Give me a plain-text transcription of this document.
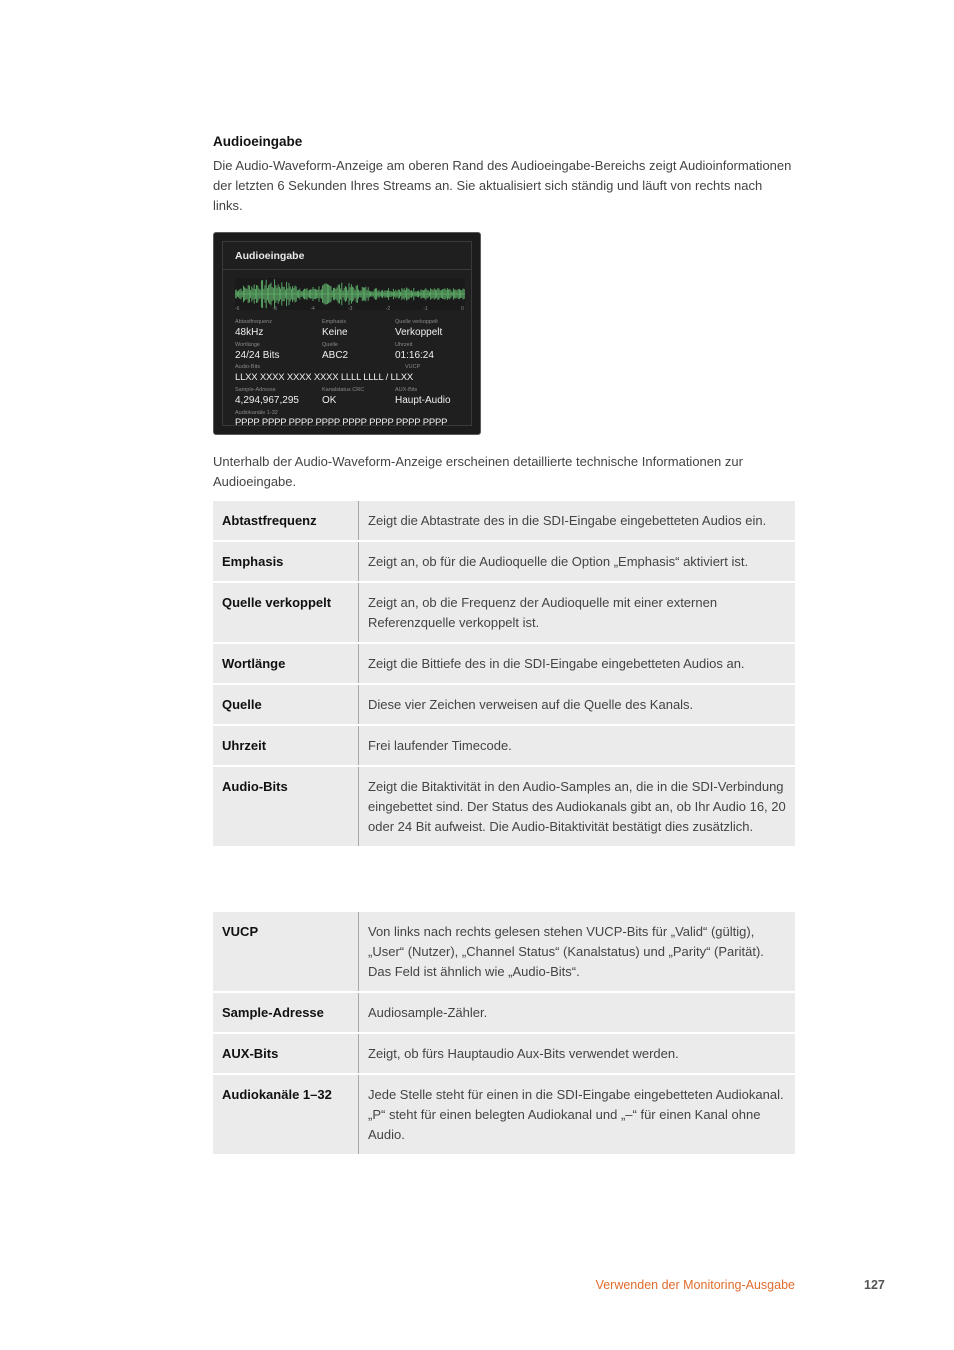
Audioeingabe
Die Audio-Waveform-Anzeige am oberen Rand des Audioeingabe-Bereichs zeigt Audioinformationen der letzten 6 Sekunden Ihres Streams an. Sie aktualisiert sich ständig und läuft von rechts nach links.
Audioeingabe
-6	-5	-4	-3	-2	-1	0
Abtastfrequenz
48kHz
Emphasis
Keine
Quelle verkoppelt
Verkoppelt
Wortlänge
24/24 Bits
Quelle
ABC2
Uhrzeit
01:16:24
Audio-Bits	VUCP
LLXX XXXX XXXX XXXX LLLL LLLL / LLXX
Sample-Adresse
4,294,967,295
Kanalstatus CRC
OK
AUX-Bits
Haupt-Audio
Audiokanäle 1-32
PPPP PPPP PPPP PPPP PPPP PPPP PPPP PPPP
Unterhalb der Audio-Waveform-Anzeige erscheinen detaillierte technische Informationen zur Audioeingabe.
Abtastfrequenz	Zeigt die Abtastrate des in die SDI-Eingabe eingebetteten Audios ein.
Emphasis	Zeigt an, ob für die Audioquelle die Option „Emphasis“ aktiviert ist.
Quelle verkoppelt	Zeigt an, ob die Frequenz der Audioquelle mit einer externen Referenzquelle verkoppelt ist.
Wortlänge	Zeigt die Bittiefe des in die SDI-Eingabe eingebetteten Audios an.
Quelle	Diese vier Zeichen verweisen auf die Quelle des Kanals.
Uhrzeit	Frei laufender Timecode.
Audio-Bits	Zeigt die Bitaktivität in den Audio-Samples an, die in die SDI-Verbindung eingebettet sind. Der Status des Audiokanals gibt an, ob Ihr Audio 16, 20 oder 24 Bit aufweist. Die Audio-Bitaktivität bestätigt dies zusätzlich.
VUCP	Von links nach rechts gelesen stehen VUCP-Bits für „Valid“ (gültig), „User“ (Nutzer), „Channel Status“ (Kanalstatus) und „Parity“ (Parität). Das Feld ist ähnlich wie „Audio-Bits“.
Sample-Adresse	Audiosample-Zähler.
AUX-Bits	Zeigt, ob fürs Hauptaudio Aux-Bits verwendet werden.
Audiokanäle 1–32	Jede Stelle steht für einen in die SDI-Eingabe eingebetteten Audiokanal. „P“ steht für einen belegten Audiokanal und „–“ für einen Kanal ohne Audio.
Verwenden der Monitoring-Ausgabe	127
